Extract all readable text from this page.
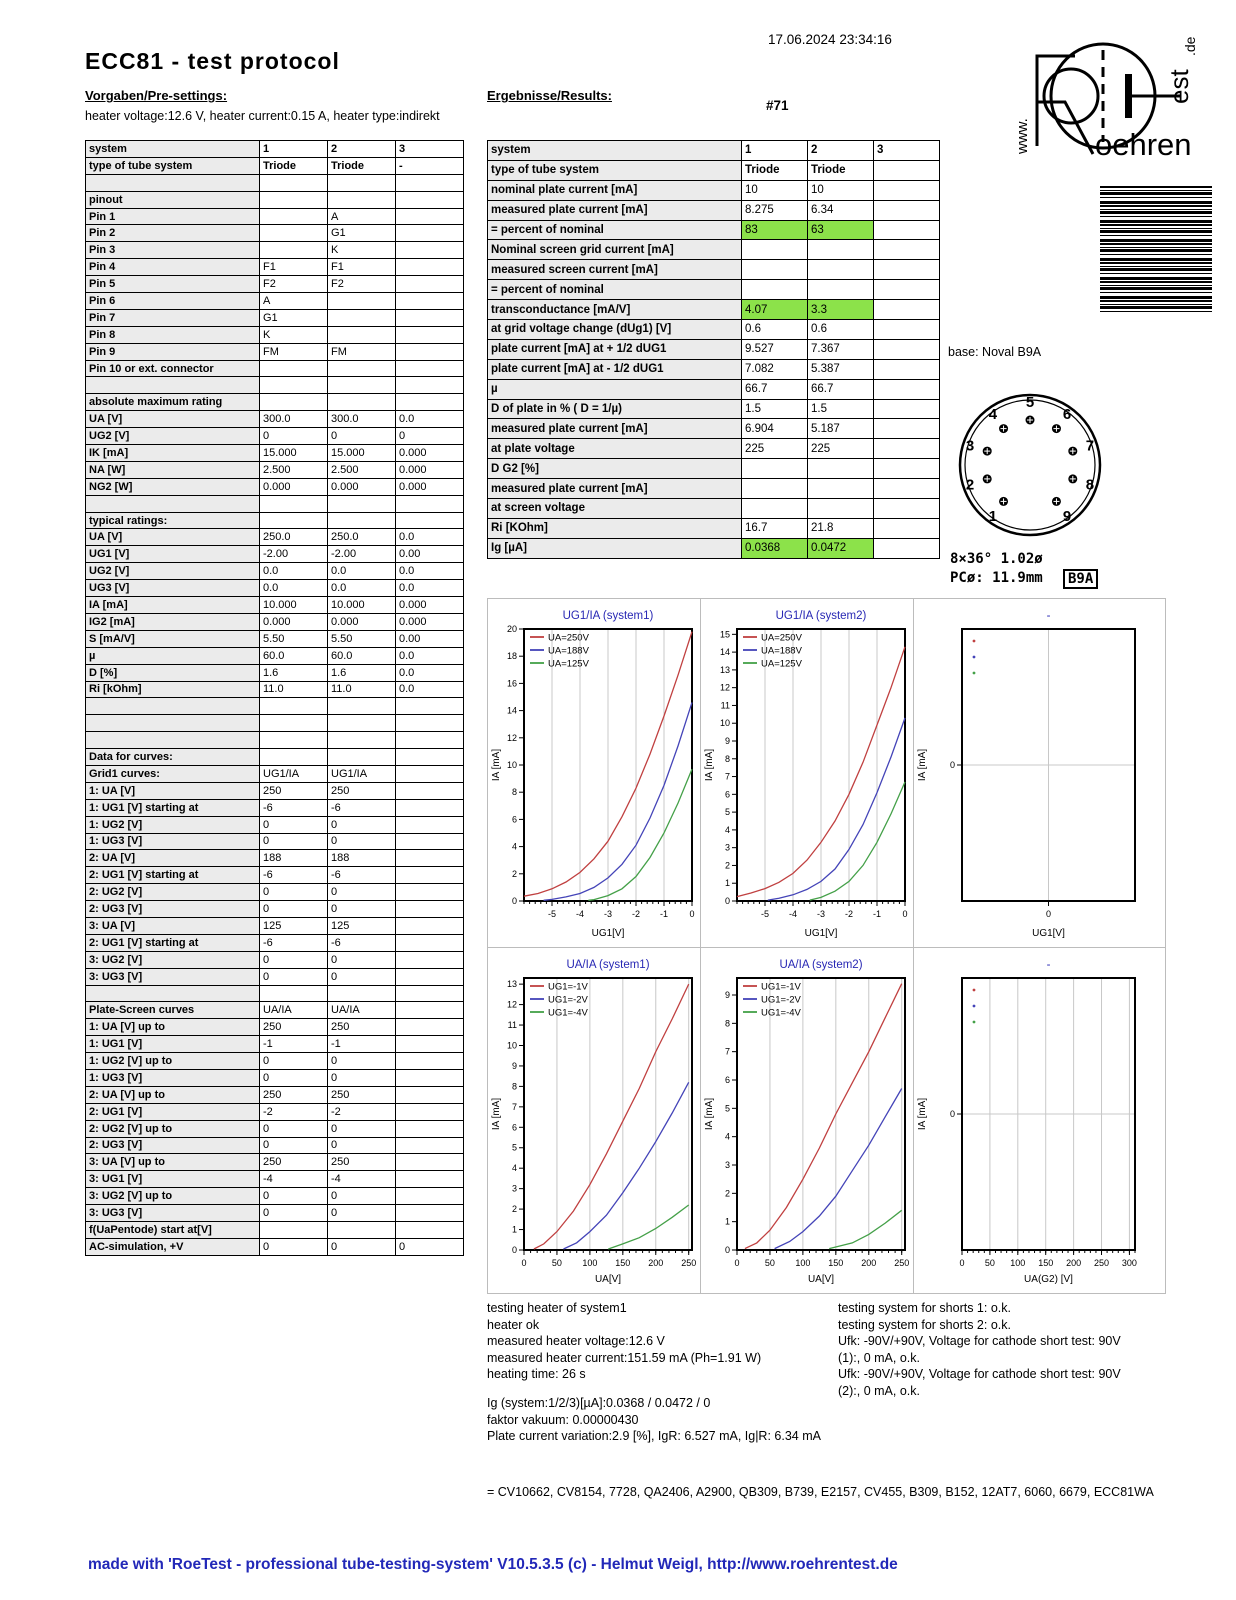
17.06.2024 23:34:16
oehren
www.
est
.de
ECC81 - test protocol
Vorgaben/Pre-settings:	Ergebnisse/Results:
#71
heater voltage:12.6 V, heater current:0.15 A, heater type:indirekt
base: Noval B9A
system	1	2	3
type of tube system	Triode	Triode	-

pinout			
Pin 1		A	
Pin 2		G1	
Pin 3		K	
Pin 4	F1	F1	
Pin 5	F2	F2	
Pin 6	A		
Pin 7	G1		
Pin 8	K		
Pin 9	FM	FM	
Pin 10 or ext. connector			

absolute maximum rating			
UA [V]	300.0	300.0	0.0
UG2 [V]	0	0	0
IK [mA]	15.000	15.000	0.000
NA [W]	2.500	2.500	0.000
NG2 [W]	0.000	0.000	0.000

typical ratings:			
UA [V]	250.0	250.0	0.0
UG1 [V]	-2.00	-2.00	0.00
UG2 [V]	0.0	0.0	0.0
UG3 [V]	0.0	0.0	0.0
IA [mA]	10.000	10.000	0.000
IG2 [mA]	0.000	0.000	0.000
S [mA/V]	5.50	5.50	0.00
µ	60.0	60.0	0.0
D [%]	1.6	1.6	0.0
Ri [kOhm]	11.0	11.0	0.0

Data for curves:			
Grid1 curves:	UG1/IA	UG1/IA	
1: UA [V]	250	250	
1: UG1 [V] starting at	-6	-6	
1: UG2 [V]	0	0	
1: UG3 [V]	0	0	
2: UA [V]	188	188	
2: UG1 [V] starting at	-6	-6	
2: UG2 [V]	0	0	
2: UG3 [V]	0	0	
3: UA [V]	125	125	
2: UG1 [V] starting at	-6	-6	
3: UG2 [V]	0	0	
3: UG3 [V]	0	0	

Plate-Screen curves	UA/IA	UA/IA	
1: UA [V] up to	250	250	
1: UG1 [V]	-1	-1	
1: UG2 [V] up to	0	0	
1: UG3 [V]	0	0	
2: UA [V] up to	250	250	
2: UG1 [V]	-2	-2	
2: UG2 [V] up to	0	0	
2: UG3 [V]	0	0	
3: UA [V] up to	250	250	
3: UG1 [V]	-4	-4	
3: UG2 [V] up to	0	0	
3: UG3 [V]	0	0	
f(UaPentode) start at[V]			
AC-simulation, +V	0	0	0
system	1	2	3
type of tube system	Triode	Triode	
nominal plate current [mA]	10	10	
measured plate current [mA]	8.275	6.34	
= percent of nominal	83	63	
Nominal screen grid current [mA]			
measured screen current [mA]			
= percent of nominal			
transconductance [mA/V]	4.07	3.3	
at grid voltage change (dUg1) [V]	0.6	0.6	
plate current [mA] at + 1/2 dUG1	9.527	7.367	
plate current [mA] at - 1/2 dUG1	7.082	5.387	
µ	66.7	66.7	
D of plate in % ( D = 1/µ)	1.5	1.5	
measured plate current [mA]	6.904	5.187	
at plate voltage	225	225	
D G2 [%]			
measured plate current [mA]			
at screen voltage			
Ri [KOhm]	16.7	21.8	
Ig [µA]	0.0368	0.0472	
-5 -4 -3 -2 -1 0
0
2
4
6
8
10
12
14
16
18
20
UG1/IA (system1)
UG1[V]
IA [mA]
UA=250V
UA=188V
UA=125V
-5 -4 -3 -2 -1 0
0
1
2
3
4
5
6
7
8
9
10
11
12
13
14
15
UG1/IA (system2)
UG1[V]
IA [mA]
UA=250V
UA=188V
UA=125V
0
0
-
UG1[V]
IA [mA]
0	50 100 150 200 250
0
1
2
3
4
5
6
7
8
9
10
11
12
13
UA/IA (system1)
UA[V]
IA [mA]
UG1=-1V
UG1=-2V
UG1=-4V
0	50 100 150 200 250
0
1
2
3
4
5
6
7
8
9
UA/IA (system2)
UA[V]
IA [mA]
UG1=-1V
UG1=-2V
UG1=-4V
0 50 100 150 200 250 300
0
-
UA(G2) [V]
IA [mA]
1
2
3
4
5
6
7
8
9
8×36° 1.02ø
PCø: 11.9mm	B9A
testing heater of system1
heater ok
measured heater voltage:12.6 V
measured heater current:151.59 mA (Ph=1.91 W)
heating time: 26 s
Ig (system:1/2/3)[µA]:0.0368 / 0.0472 / 0
faktor vakuum: 0.00000430
Plate current variation:2.9 [%], IgR: 6.527 mA, Ig|R: 6.34 mA
testing system for shorts 1: o.k.
testing system for shorts 2: o.k.
Ufk: -90V/+90V, Voltage for cathode short test: 90V
(1):, 0 mA, o.k.
Ufk: -90V/+90V, Voltage for cathode short test: 90V
(2):, 0 mA, o.k.
= CV10662, CV8154, 7728, QA2406, A2900, QB309, B739, E2157, CV455, B309, B152, 12AT7, 6060, 6679, ECC81WA
made with 'RoeTest - professional tube-testing-system' V10.5.3.5 (c) - Helmut Weigl, http://www.roehrentest.de
